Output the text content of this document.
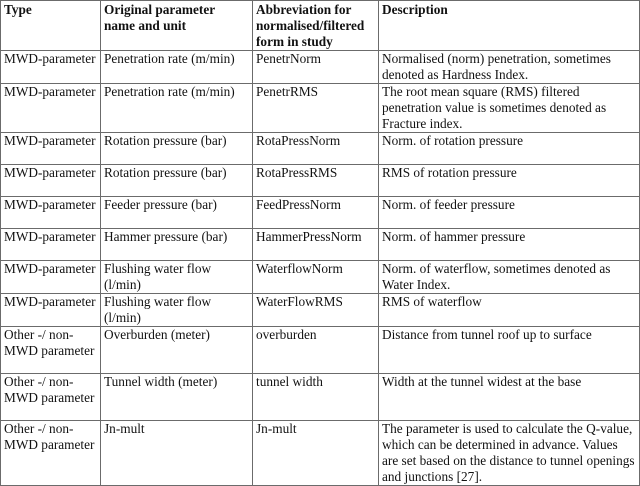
Type	Original parameter name and unit	Abbreviation for normalised/filtered form in study	Description
MWD-parameter	Penetration rate (m/min)	PenetrNorm	Normalised (norm) penetration, sometimes denoted as Hardness Index.
MWD-parameter	Penetration rate (m/min)	PenetrRMS	The root mean square (RMS) filtered penetration value is sometimes denoted as Fracture index.
MWD-parameter	Rotation pressure (bar)	RotaPressNorm	Norm. of rotation pressure
MWD-parameter	Rotation pressure (bar)	RotaPressRMS	RMS of rotation pressure
MWD-parameter	Feeder pressure (bar)	FeedPressNorm	Norm. of feeder pressure
MWD-parameter	Hammer pressure (bar)	HammerPressNorm	Norm. of hammer pressure
MWD-parameter	Flushing water flow (l/min)	WaterflowNorm	Norm. of waterflow, sometimes denoted as Water Index.
MWD-parameter	Flushing water flow (l/min)	WaterFlowRMS	RMS of waterflow
Other -/ non-MWD parameter	Overburden (meter)	overburden	Distance from tunnel roof up to surface
Other -/ non-MWD parameter	Tunnel width (meter)	tunnel width	Width at the tunnel widest at the base
Other -/ non-MWD parameter	Jn-mult	Jn-mult	The parameter is used to calculate the Q-value, which can be determined in advance. Values are set based on the distance to tunnel openings and junctions [27].
